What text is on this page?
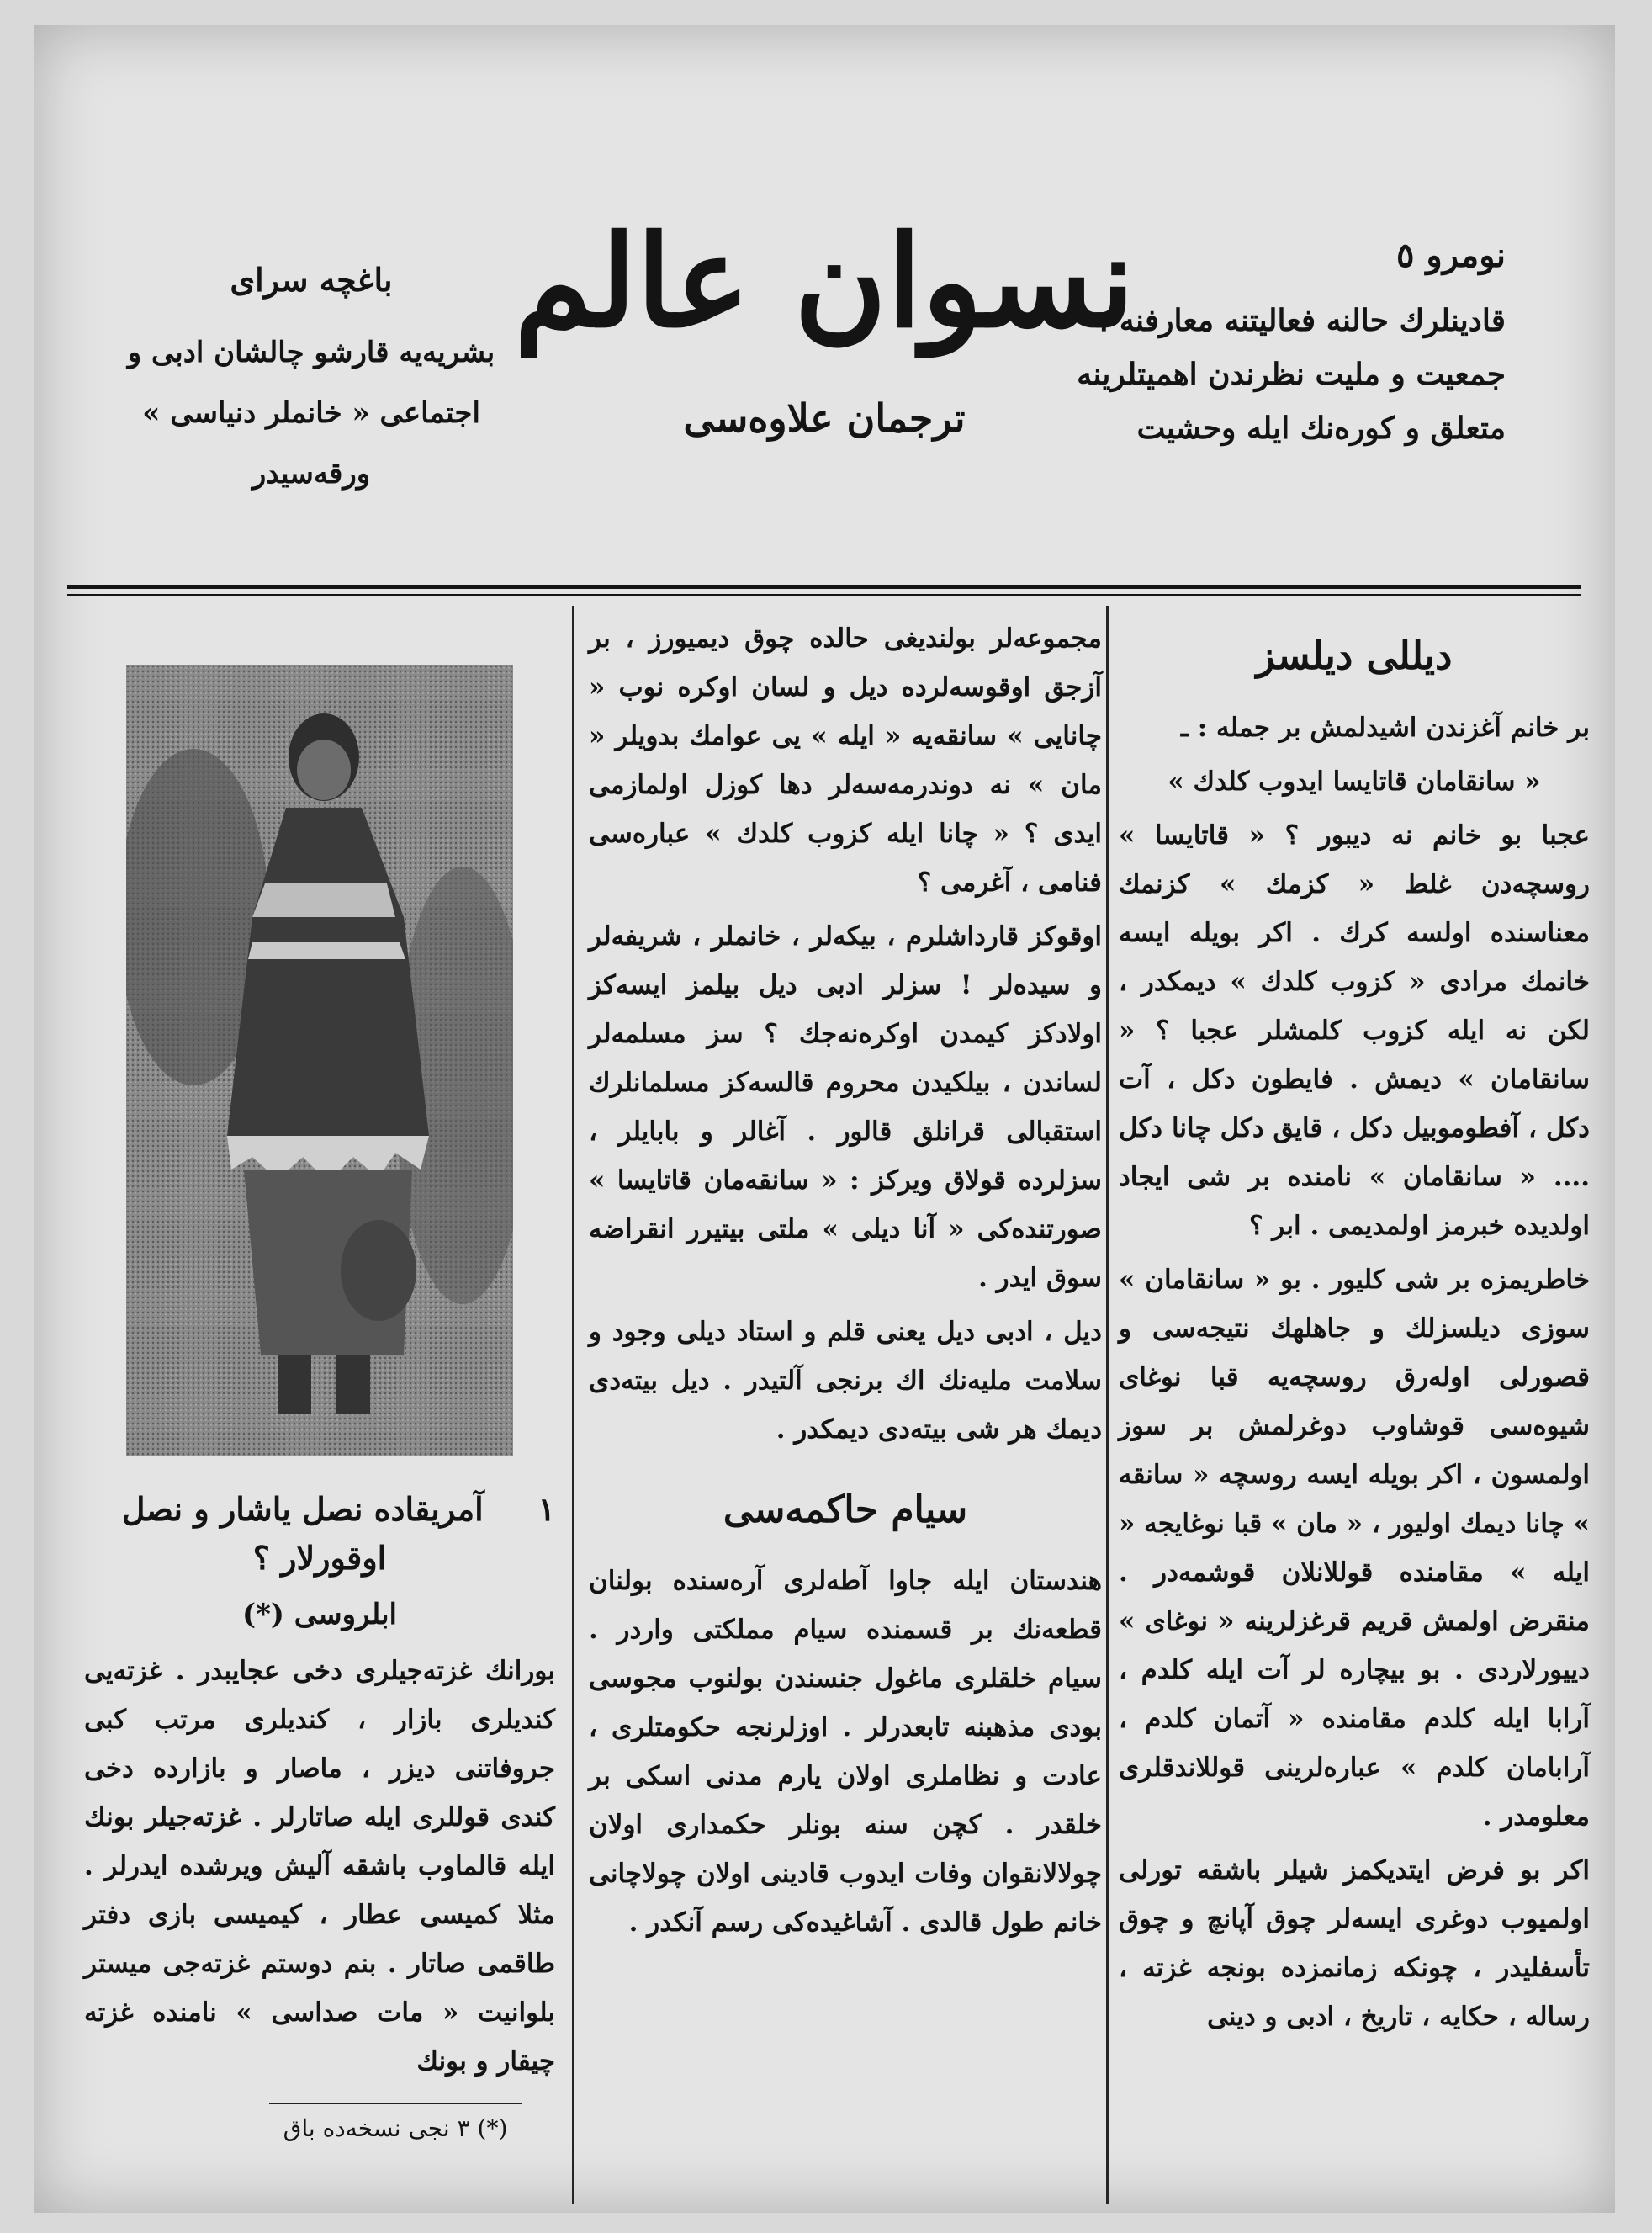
نومرو ٥
قادینلرك حالنه فعالیتنه معارفنه ،
جمعیت و ملیت نظرندن اهمیتلرینه
متعلق و كوره‌نك ایله وحشیت
نسوان عالم
ترجمان‌ علاوه‌سی
باغچه سرای
بشریه‌یه قارشو چالشان ادبی و
اجتماعی « خانملر دنیاسی »
ورقه‌سیدر
دیللی دیلسز

بر خانم آغزندن اشیدلمش بر جمله : ـ

« سانقامان قاتایسا ایدوب كلدك »

عجبا بو خانم نه دیبور ؟ « قاتایسا » روسچه‌دن غلط « كزمك » كزنمك معناسنده اولسه كرك . اكر بویله ایسه خانمك مرادی « كزوب كلدك » دیمكدر ، لكن نه ایله كزوب كلمشلر عجبا ؟ « سانقامان » دیمش . فایطون دكل ، آت دكل ، آفطوموبیل دكل ، قایق دكل چانا دكل .... « سانقامان » نامنده بر شی ایجاد اولدیده خبرمز اولمدیمی . ابر ؟

خاطریمزه بر شی كلیور . بو « سانقامان » سوزی دیلسزلك و جاهلهك نتیجه‌سی و قصورلی اولەرق روسچه‌یه قبا نوغای شیوه‌سی قوشاوب دوغرلمش بر سوز اولمسون ، اكر بویله ایسه روسچه « سانقه » چانا دیمك اولیور ، « مان » قبا نوغایجه « ایله » مقامنده قوللانلان قوشمه‌در . منقرض اولمش قریم قرغزلرینه « نوغای » دییورلاردی . بو بیچاره لر آت ایله كلدم ، آرابا ایله كلدم مقامنده « آتمان كلدم ، آرابامان كلدم » عباره‌لرینی قوللاندقلری معلومدر .

اكر بو فرض ایتدیكمز شیلر باشقه تورلی اولمیوب دوغری ایسه‌لر چوق آپانچ و چوق تأسفلیدر ، چونكه زمانمزده بونجه غزته ، رساله ، حكایه ، تاریخ ، ادبی و دینی

مجموعه‌لر بولندیغی حالده چوق دیمیورز ، بر آزجق اوقوسه‌لرده دیل و لسان اوكره نوب « چانایی » سانقه‌یه « ایله » یی عوامك بدویلر « مان » نه دوندرمه‌سه‌لر دها كوزل اولمازمی ایدی ؟ « چانا ایله كزوب كلدك » عباره‌سی فنامی ، آغرمی ؟

اوقوكز قارداشلرم ، بیكه‌لر ، خانملر ، شریفه‌لر و سیده‌لر ! سزلر ادبی دیل بیلمز ایسه‌كز اولادكز كیمدن اوكره‌نه‌جك ؟ سز مسلمه‌لر لساندن ، بیلكیدن محروم قالسه‌كز مسلمانلرك استقبالی قرانلق قالور . آغالر و بابایلر ، سزلرده قولاق ویركز : « سانقه‌مان قاتایسا » صورتنده‌كی « آنا دیلی » ملتی بیتیرر انقراضه سوق ایدر .

دیل ، ادبی دیل یعنی قلم و استاد دیلی وجود و سلامت ملیه‌نك اك برنجی آلتیدر . دیل بیته‌دی دیمك هر شی بیته‌دی دیمكدر .

سیام حاكمه‌سی

هندستان ایله جاوا آطه‌لری آره‌سنده بولنان قطعه‌نك بر قسمنده سیام مملكتی واردر . سیام خلقلری ماغول جنسندن بولنوب مجوسی بودی مذهبنه تابعدرلر . اوزلرنجه حكومتلری ، عادت و نظاملری اولان یارم مدنی اسكی بر خلقدر . كچن سنه بونلر حكمداری اولان چولالانقوان وفات ایدوب قادینی اولان چولاچانی خانم طول قالدی . آشاغیده‌كی رسم آنكدر .

١
آمریقاده نصل یاشار و نصل اوقورلار ؟
ابلروسی (*)
بورانك غزته‌جیلری دخی عجایبدر . غزته‌یی كندیلری بازار ، كندیلری مرتب كبی جروفاتنی دیزر ، ماصار و بازارده دخی كندی قوللری ایله صاتارلر . غزته‌جیلر بونك ایله قالماوب باشقه آلیش ویرشده ایدرلر . مثلا كمیسی عطار ، كیمیسی بازی دفتر طاقمی صاتار . بنم دوستم غزته‌جی میستر بلوانیت « مات صداسی » نامنده غزته چیقار و بونك
(*) ٣ نجی نسخه‌ده باق
